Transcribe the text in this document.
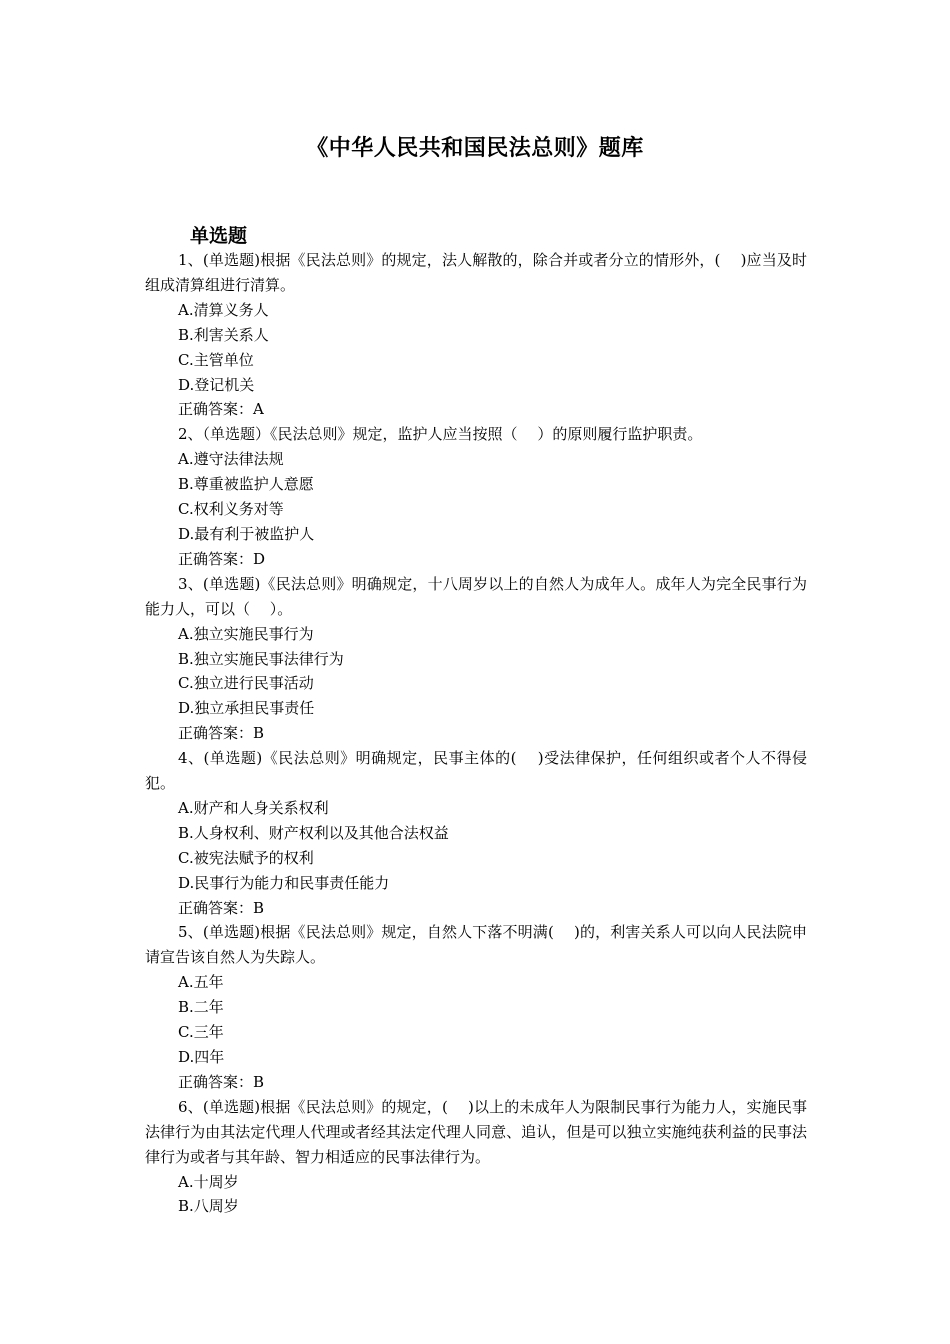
《中华人民共和国民法总则》题库
单选题

1、(单选题)根据《民法总则》的规定，法人解散的，除合并或者分立的情形外，(　 )应当及时组成清算组进行清算。

A.清算义务人

B.利害关系人

C.主管单位

D.登记机关

正确答案：A

2、（单选题）《民法总则》规定，监护人应当按照（　 ）的原则履行监护职责。

A.遵守法律法规

B.尊重被监护人意愿

C.权利义务对等

D.最有利于被监护人

正确答案：D

3、(单选题)《民法总则》明确规定，十八周岁以上的自然人为成年人。成年人为完全民事行为能力人，可以（　 ）。

A.独立实施民事行为

B.独立实施民事法律行为

C.独立进行民事活动

D.独立承担民事责任

正确答案：B

4、(单选题)《民法总则》明确规定，民事主体的(　 )受法律保护，任何组织或者个人不得侵犯。

A.财产和人身关系权利

B.人身权利、财产权利以及其他合法权益

C.被宪法赋予的权利

D.民事行为能力和民事责任能力

正确答案：B

5、(单选题)根据《民法总则》规定，自然人下落不明满(　 )的，利害关系人可以向人民法院申请宣告该自然人为失踪人。

A.五年

B.二年

C.三年

D.四年

正确答案：B

6、(单选题)根据《民法总则》的规定，(　 )以上的未成年人为限制民事行为能力人，实施民事法律行为由其法定代理人代理或者经其法定代理人同意、追认，但是可以独立实施纯获利益的民事法律行为或者与其年龄、智力相适应的民事法律行为。

A.十周岁

B.八周岁
